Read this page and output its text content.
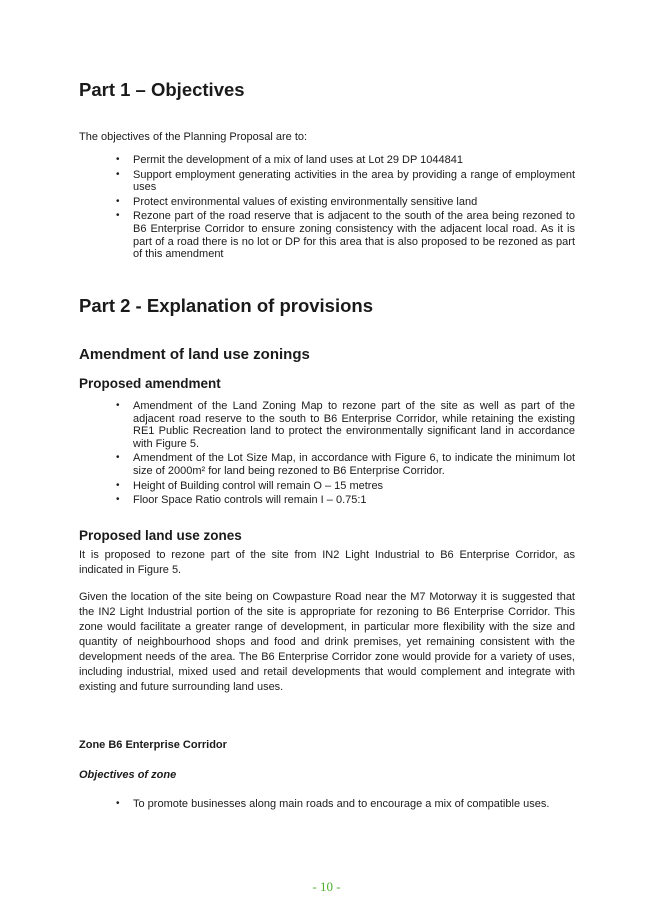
Part 1 – Objectives

The objectives of the Planning Proposal are to:

• Permit the development of a mix of land uses at Lot 29 DP 1044841
• Support employment generating activities in the area by providing a range of employment uses
• Protect environmental values of existing environmentally sensitive land
• Rezone part of the road reserve that is adjacent to the south of the area being rezoned to B6 Enterprise Corridor to ensure zoning consistency with the adjacent local road. As it is part of a road there is no lot or DP for this area that is also proposed to be rezoned as part of this amendment
Part 2 - Explanation of provisions
Amendment of land use zonings
Proposed amendment
• Amendment of the Land Zoning Map to rezone part of the site as well as part of the adjacent road reserve to the south to B6 Enterprise Corridor, while retaining the existing RE1 Public Recreation land to protect the environmentally significant land in accordance with Figure 5.
• Amendment of the Lot Size Map, in accordance with Figure 6, to indicate the minimum lot size of 2000m² for land being rezoned to B6 Enterprise Corridor.
• Height of Building control will remain O – 15 metres
• Floor Space Ratio controls will remain I – 0.75:1
Proposed land use zones

It is proposed to rezone part of the site from IN2 Light Industrial to B6 Enterprise Corridor, as indicated in Figure 5.

Given the location of the site being on Cowpasture Road near the M7 Motorway it is suggested that the IN2 Light Industrial portion of the site is appropriate for rezoning to B6 Enterprise Corridor. This zone would facilitate a greater range of development, in particular more flexibility with the size and quantity of neighbourhood shops and food and drink premises, yet remaining consistent with the development needs of the area. The B6 Enterprise Corridor zone would provide for a variety of uses, including industrial, mixed used and retail developments that would complement and integrate with existing and future surrounding land uses.

Zone B6 Enterprise Corridor

Objectives of zone

• To promote businesses along main roads and to encourage a mix of compatible uses.
- 10 -
